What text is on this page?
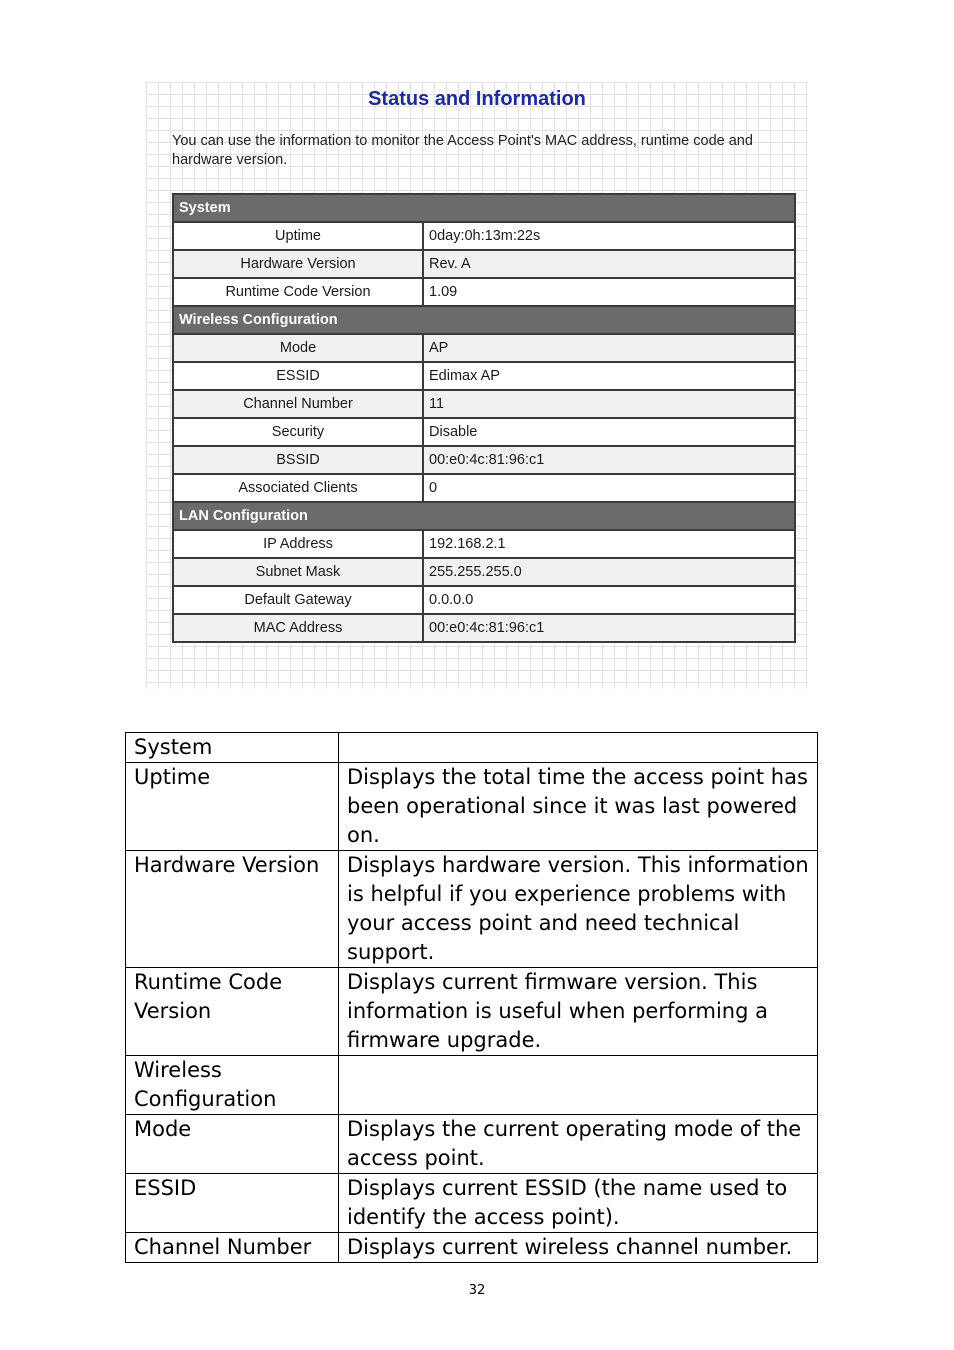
Status and Information
You can use the information to monitor the Access Point's MAC address, runtime code and hardware version.
System	
Uptime	0day:0h:13m:22s
Hardware Version	Rev. A
Runtime Code Version	1.09
Wireless Configuration	
Mode	AP
ESSID	Edimax AP
Channel Number	11
Security	Disable
BSSID	00:e0:4c:81:96:c1
Associated Clients	0
LAN Configuration	
IP Address	192.168.2.1
Subnet Mask	255.255.255.0
Default Gateway	0.0.0.0
MAC Address	00:e0:4c:81:96:c1
System	
Uptime	Displays the total time the access point has been operational since it was last powered on.
Hardware Version	Displays hardware version. This information is helpful if you experience problems with your access point and need technical support.
Runtime Code Version	Displays current firmware version. This information is useful when performing a firmware upgrade.
Wireless Configuration	
Mode	Displays the current operating mode of the access point.
ESSID	Displays current ESSID (the name used to identify the access point).
Channel Number	Displays current wireless channel number.
32
